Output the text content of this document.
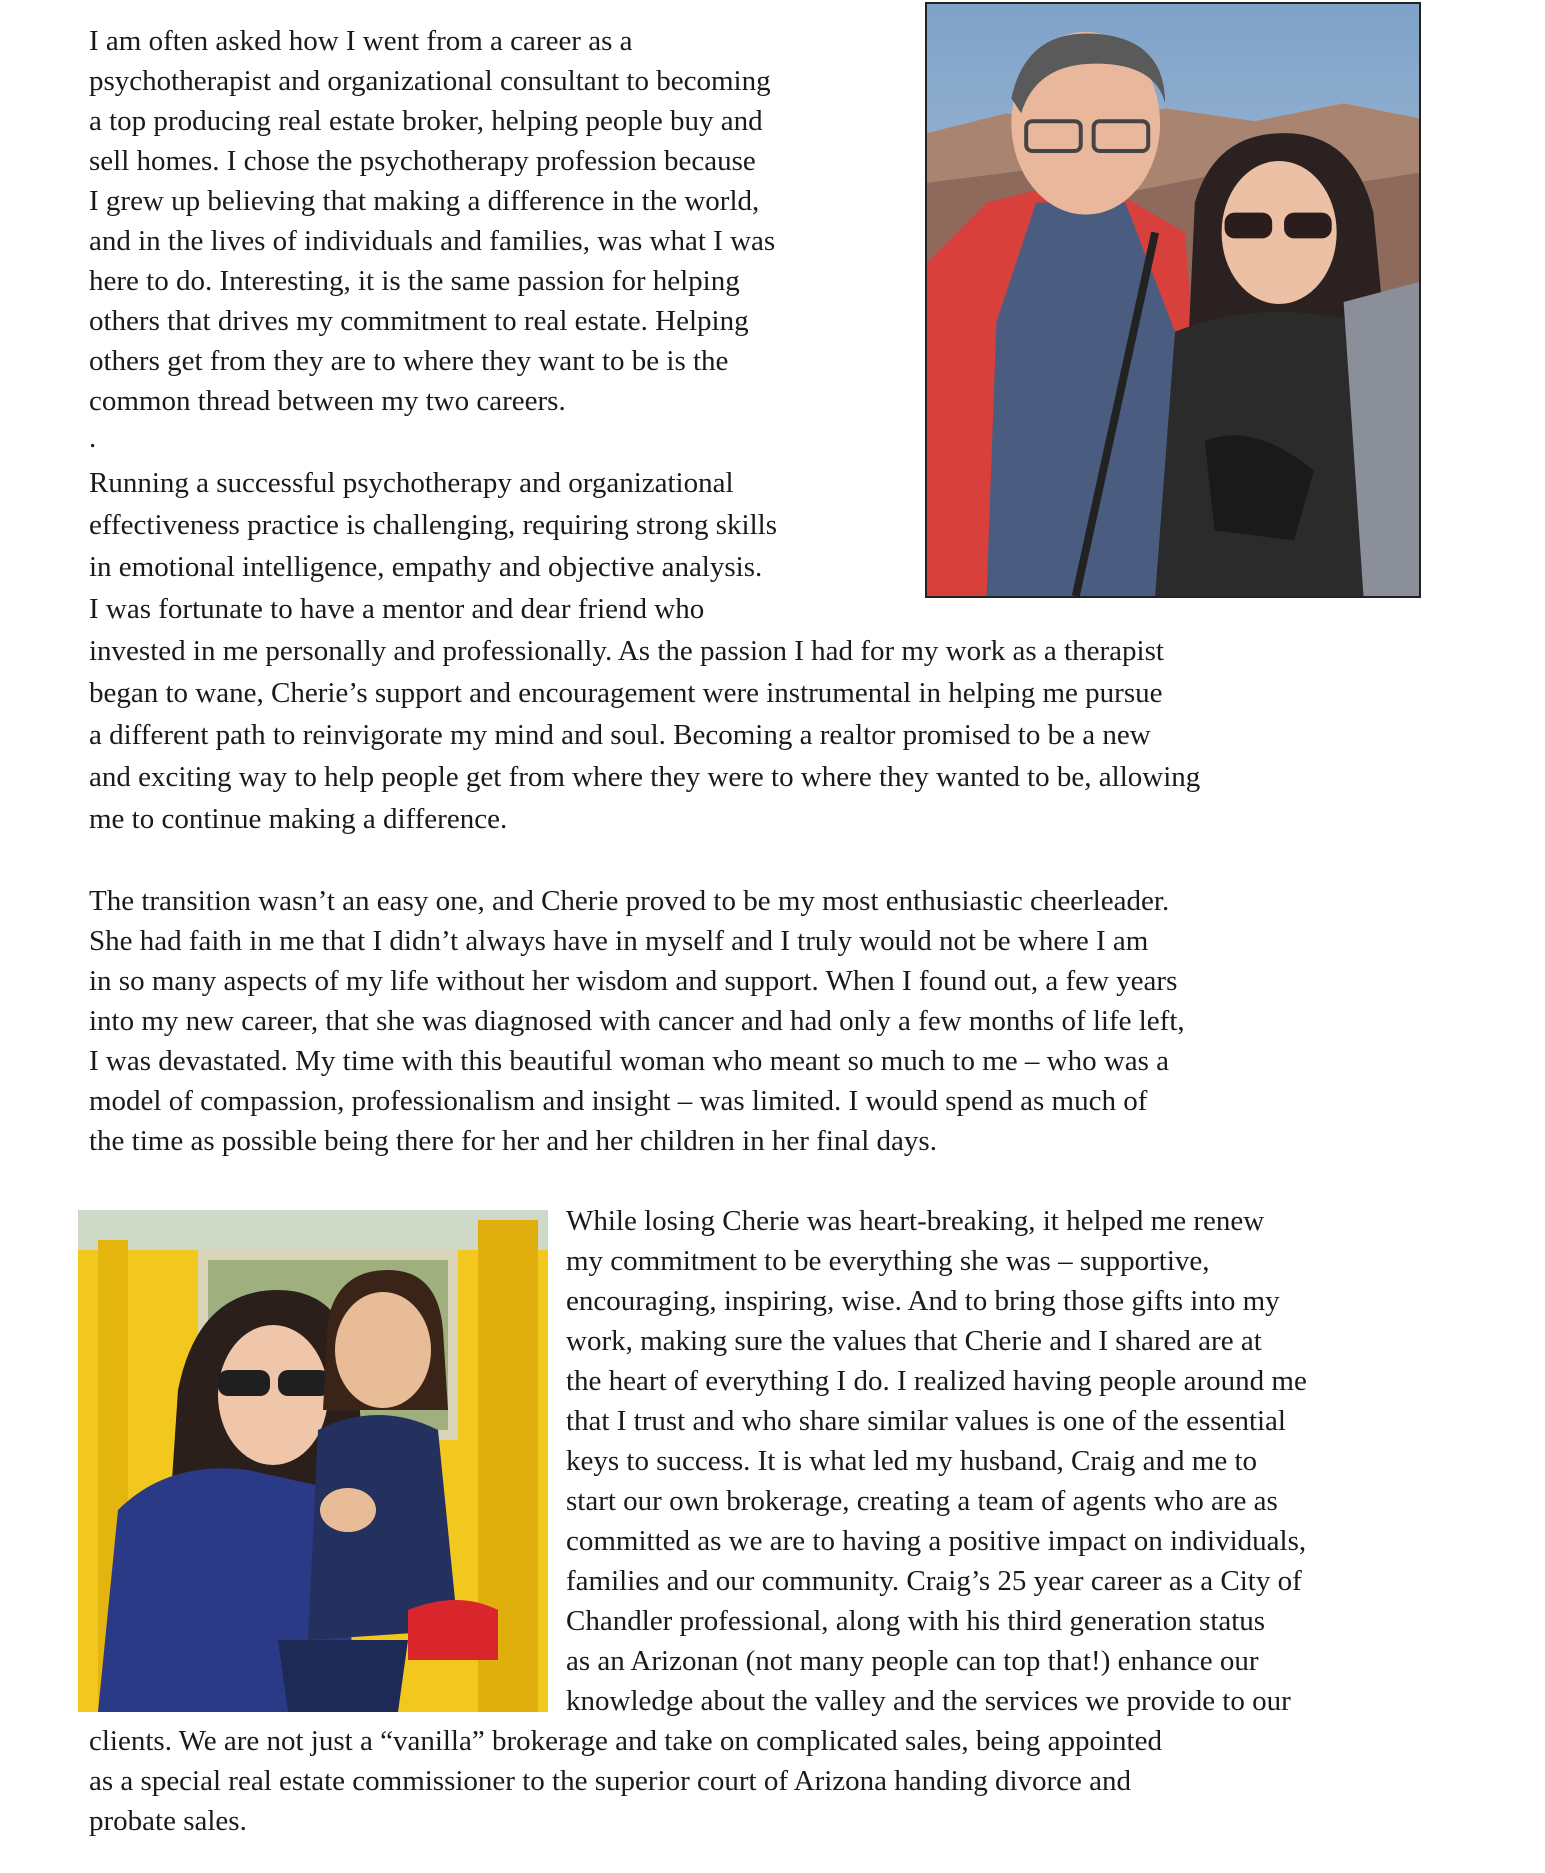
I am often asked how I went from a career as a
psychotherapist and organizational consultant to becoming
a top producing real estate broker, helping people buy and
sell homes. I chose the psychotherapy profession because
I grew up believing that making a difference in the world,
and in the lives of individuals and families, was what I was
here to do. Interesting, it is the same passion for helping
others that drives my commitment to real estate. Helping
others get from they are to where they want to be is the
common thread between my two careers.
.
Running a successful psychotherapy and organizational
effectiveness practice is challenging, requiring strong skills
in emotional intelligence, empathy and objective analysis.
I was fortunate to have a mentor and dear friend who
invested in me personally and professionally. As the passion I had for my work as a therapist
began to wane, Cherie’s support and encouragement were instrumental in helping me pursue
a different path to reinvigorate my mind and soul. Becoming a realtor promised to be a new
and exciting way to help people get from where they were to where they wanted to be, allowing
me to continue making a difference.
The transition wasn’t an easy one, and Cherie proved to be my most enthusiastic cheerleader.
She had faith in me that I didn’t always have in myself and I truly would not be where I am
in so many aspects of my life without her wisdom and support. When I found out, a few years
into my new career, that she was diagnosed with cancer and had only a few months of life left,
I was devastated. My time with this beautiful woman who meant so much to me – who was a
model of compassion, professionalism and insight – was limited. I would spend as much of
the time as possible being there for her and her children in her final days.
While losing Cherie was heart-breaking, it helped me renew
my commitment to be everything she was – supportive,
encouraging, inspiring, wise. And to bring those gifts into my
work, making sure the values that Cherie and I shared are at
the heart of everything I do. I realized having people around me
that I trust and who share similar values is one of the essential
keys to success. It is what led my husband, Craig and me to
start our own brokerage, creating a team of agents who are as
committed as we are to having a positive impact on individuals,
families and our community. Craig’s 25 year career as a City of
Chandler professional, along with his third generation status
as an Arizonan (not many people can top that!) enhance our
knowledge about the valley and the services we provide to our
clients. We are not just a “vanilla” brokerage and take on complicated sales, being appointed
as a special real estate commissioner to the superior court of Arizona handing divorce and
probate sales.
